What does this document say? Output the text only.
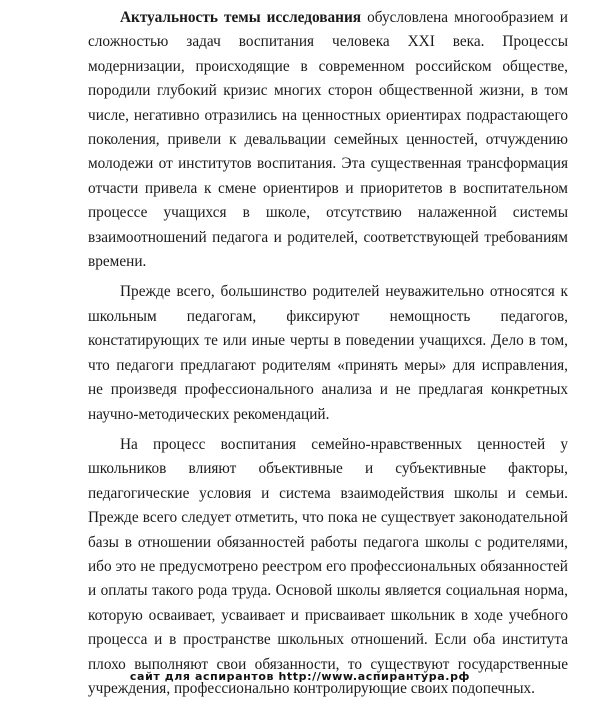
Актуальность темы исследования обусловлена многообразием и сложностью задач воспитания человека XXI века. Процессы модернизации, происходящие в современном российском обществе, породили глубокий кризис многих сторон общественной жизни, в том числе, негативно отразились на ценностных ориентирах подрастающего поколения, привели к девальвации семейных ценностей, отчуждению молодежи от институтов воспитания. Эта существенная трансформация отчасти привела к смене ориентиров и приоритетов в воспитательном процессе учащихся в школе, отсутствию налаженной системы взаимоотношений педагога и родителей, соответствующей требованиям времени.

Прежде всего, большинство родителей неуважительно относятся к школьным педагогам, фиксируют немощность педагогов, констатирующих те или иные черты в поведении учащихся. Дело в том, что педагоги предлагают родителям «принять меры» для исправления, не произведя профессионального анализа и не предлагая конкретных научно-методических рекомендаций.

На процесс воспитания семейно-нравственных ценностей у школьников влияют объективные и субъективные факторы, педагогические условия и система взаимодействия школы и семьи. Прежде всего следует отметить, что пока не существует законодательной базы в отношении обязанностей работы педагога школы с родителями, ибо это не предусмотрено реестром его профессиональных обязанностей и оплаты такого рода труда. Основой школы является социальная норма, которую осваивает, усваивает и присваивает школьник в ходе учебного процесса и в пространстве школьных отношений. Если оба института плохо выполняют свои обязанности, то существуют государственные учреждения, профессионально контролирующие своих подопечных.

сайт для аспирантов http://www.аспирантура.рф
